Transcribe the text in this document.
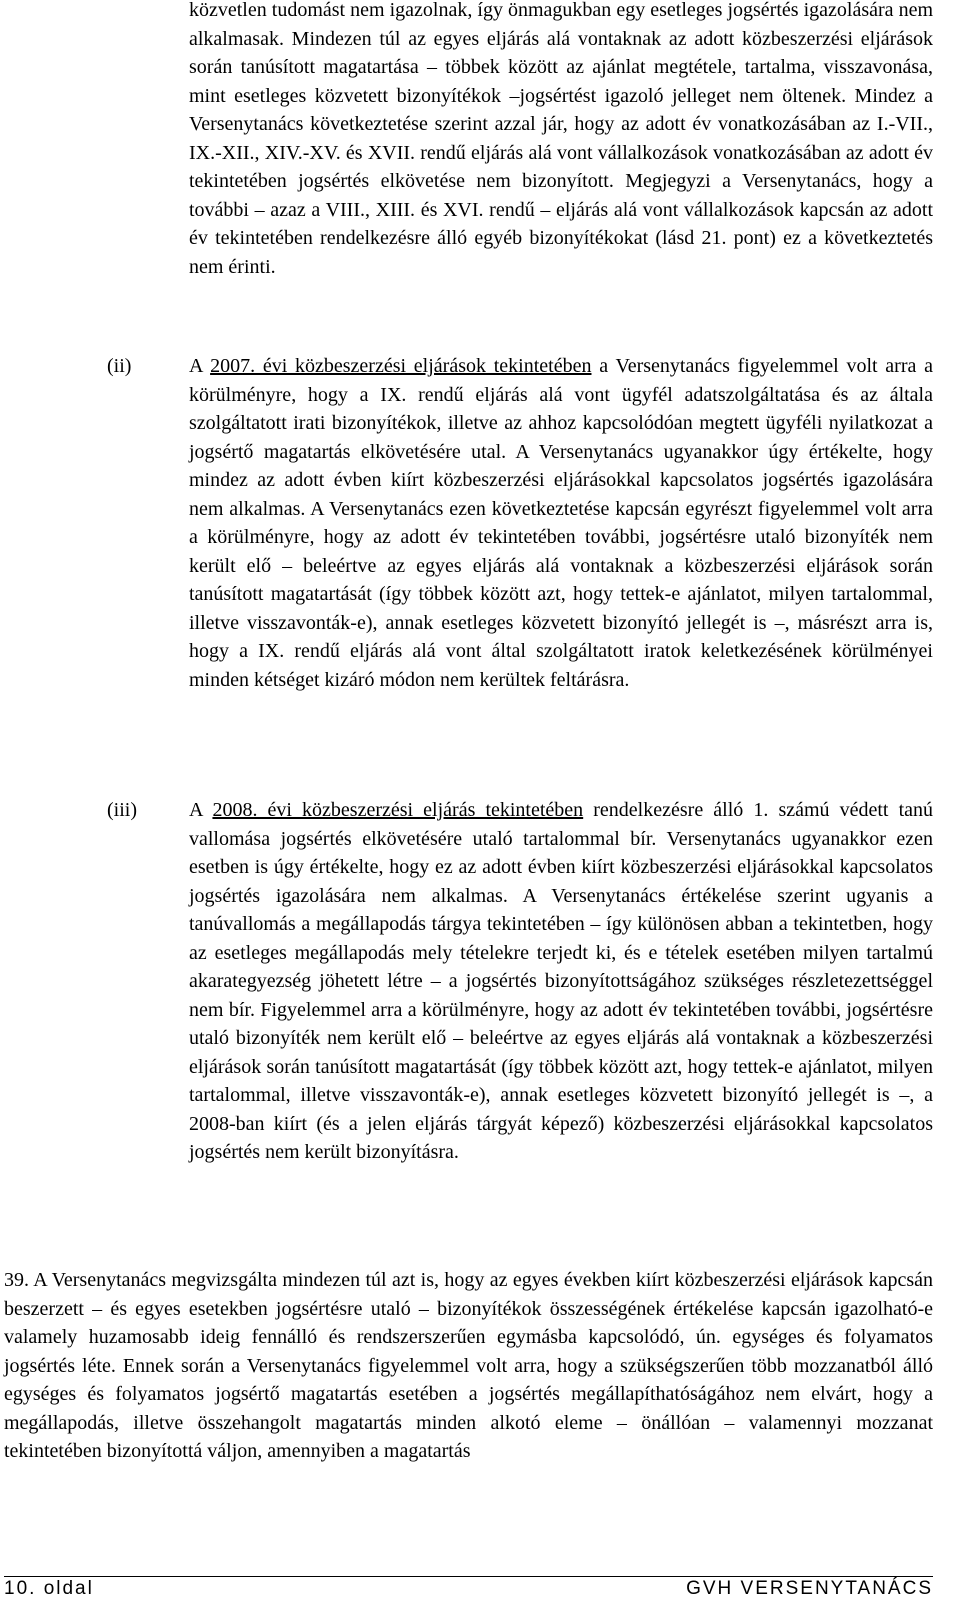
közvetlen tudomást nem igazolnak, így önmagukban egy esetleges jogsértés igazolására nem alkalmasak. Mindezen túl az egyes eljárás alá vontaknak az adott közbeszerzési eljárások során tanúsított magatartása – többek között az ajánlat megtétele, tartalma, visszavonása, mint esetleges közvetett bizonyítékok –jogsértést igazoló jelleget nem öltenek. Mindez a Versenytanács következtetése szerint azzal jár, hogy az adott év vonatkozásában az I.-VII., IX.-XII., XIV.-XV. és XVII. rendű eljárás alá vont vállalkozások vonatkozásában az adott év tekintetében jogsértés elkövetése nem bizonyított. Megjegyzi a Versenytanács, hogy a további – azaz a VIII., XIII. és XVI. rendű – eljárás alá vont vállalkozások kapcsán az adott év tekintetében rendelkezésre álló egyéb bizonyítékokat (lásd 21. pont) ez a következtetés nem érinti.

(ii)	A 2007. évi közbeszerzési eljárások tekintetében a Versenytanács figyelemmel volt arra a körülményre, hogy a IX. rendű eljárás alá vont ügyfél adatszolgáltatása és az általa szolgáltatott irati bizonyítékok, illetve az ahhoz kapcsolódóan megtett ügyféli nyilatkozat a jogsértő magatartás elkövetésére utal. A Versenytanács ugyanakkor úgy értékelte, hogy mindez az adott évben kiírt közbeszerzési eljárásokkal kapcsolatos jogsértés igazolására nem alkalmas. A Versenytanács ezen következtetése kapcsán egyrészt figyelemmel volt arra a körülményre, hogy az adott év tekintetében további, jogsértésre utaló bizonyíték nem került elő – beleértve az egyes eljárás alá vontaknak a közbeszerzési eljárások során tanúsított magatartását (így többek között azt, hogy tettek-e ajánlatot, milyen tartalommal, illetve visszavonták-e), annak esetleges közvetett bizonyító jellegét is –, másrészt arra is, hogy a IX. rendű eljárás alá vont által szolgáltatott iratok keletkezésének körülményei minden kétséget kizáró módon nem kerültek feltárásra.

(iii)	A 2008. évi közbeszerzési eljárás tekintetében rendelkezésre álló 1. számú védett tanú vallomása jogsértés elkövetésére utaló tartalommal bír. Versenytanács ugyanakkor ezen esetben is úgy értékelte, hogy ez az adott évben kiírt közbeszerzési eljárásokkal kapcsolatos jogsértés igazolására nem alkalmas. A Versenytanács értékelése szerint ugyanis a tanúvallomás a megállapodás tárgya tekintetében – így különösen abban a tekintetben, hogy az esetleges megállapodás mely tételekre terjedt ki, és e tételek esetében milyen tartalmú akarategyezség jöhetett létre – a jogsértés bizonyítottságához szükséges részletezettséggel nem bír. Figyelemmel arra a körülményre, hogy az adott év tekintetében további, jogsértésre utaló bizonyíték nem került elő – beleértve az egyes eljárás alá vontaknak a közbeszerzési eljárások során tanúsított magatartását (így többek között azt, hogy tettek-e ajánlatot, milyen tartalommal, illetve visszavonták-e), annak esetleges közvetett bizonyító jellegét is –, a 2008-ban kiírt (és a jelen eljárás tárgyát képező) közbeszerzési eljárásokkal kapcsolatos jogsértés nem került bizonyításra.

39. A Versenytanács megvizsgálta mindezen túl azt is, hogy az egyes években kiírt közbeszerzési eljárások kapcsán beszerzett – és egyes esetekben jogsértésre utaló – bizonyítékok összességének értékelése kapcsán igazolható-e valamely huzamosabb ideig fennálló és rendszerszerűen egymásba kapcsolódó, ún. egységes és folyamatos jogsértés léte. Ennek során a Versenytanács figyelemmel volt arra, hogy a szükségszerűen több mozzanatból álló egységes és folyamatos jogsértő magatartás esetében a jogsértés megállapíthatóságához nem elvárt, hogy a megállapodás, illetve összehangolt magatartás minden alkotó eleme – önállóan – valamennyi mozzanat tekintetében bizonyítottá váljon, amennyiben a magatartás

10. oldal	GVH VERSENYTANÁCS
